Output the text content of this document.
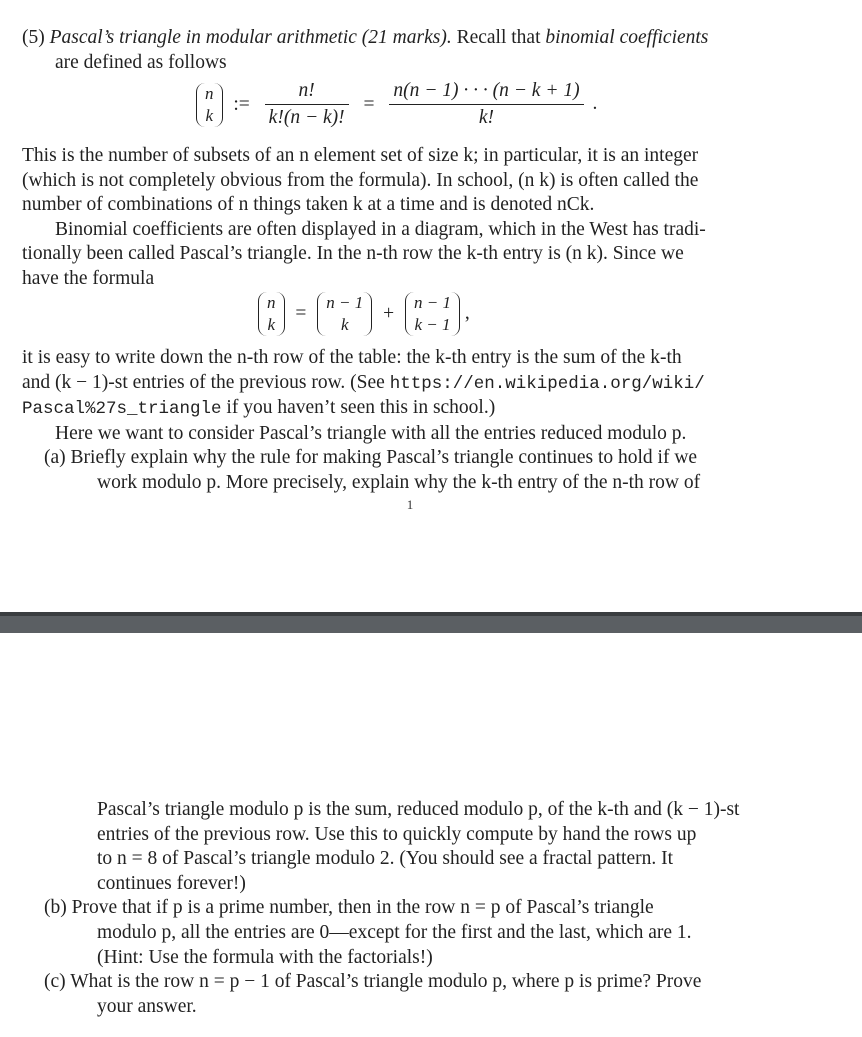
(5) Pascal’s triangle in modular arithmetic (21 marks). Recall that binomial coefficients
are defined as follows
n
k
:= $\frac{n!}{k!(n - k)!} = \frac{n(n - 1) \cdot \cdot \cdot (n - k + 1)}{k!}$ .
This is the number of subsets of an n element set of size k; in particular, it is an integer
(which is not completely obvious from the formula). In school, (n k) is often called the
number of combinations of n things taken k at a time and is denoted nCk.
Binomial coefficients are often displayed in a diagram, which in the West has tradi-
tionally been called Pascal’s triangle. In the n-th row the k-th entry is (n k). Since we
have the formula
n
k
=
n − 1
k
+
n − 1
k − 1
,
it is easy to write down the n-th row of the table: the k-th entry is the sum of the k-th
and (k − 1)-st entries of the previous row. (See https://en.wikipedia.org/wiki/
Pascal%27s_triangle if you haven’t seen this in school.)
Here we want to consider Pascal’s triangle with all the entries reduced modulo p.
(a) Briefly explain why the rule for making Pascal’s triangle continues to hold if we
work modulo p. More precisely, explain why the k-th entry of the n-th row of
1
Pascal’s triangle modulo p is the sum, reduced modulo p, of the k-th and (k − 1)-st
entries of the previous row. Use this to quickly compute by hand the rows up
to n = 8 of Pascal’s triangle modulo 2. (You should see a fractal pattern. It
continues forever!)
(b) Prove that if p is a prime number, then in the row n = p of Pascal’s triangle
modulo p, all the entries are 0—except for the first and the last, which are 1.
(Hint: Use the formula with the factorials!)
(c) What is the row n = p − 1 of Pascal’s triangle modulo p, where p is prime? Prove
your answer.
